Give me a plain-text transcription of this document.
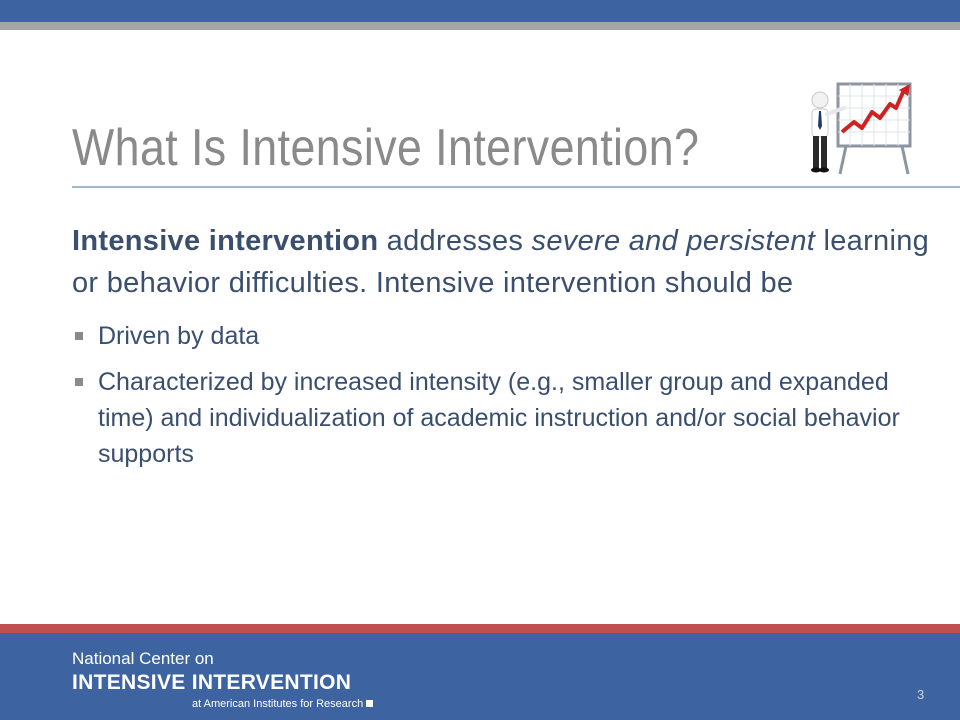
What Is Intensive Intervention?

Intensive intervention addresses severe and persistent learning or behavior difficulties. Intensive intervention should be

Driven by data
Characterized by increased intensity (e.g., smaller group and expanded time) and individualization of academic instruction and/or social behavior supports
National Center on
INTENSIVE INTERVENTION
at American Institutes for Research
3
